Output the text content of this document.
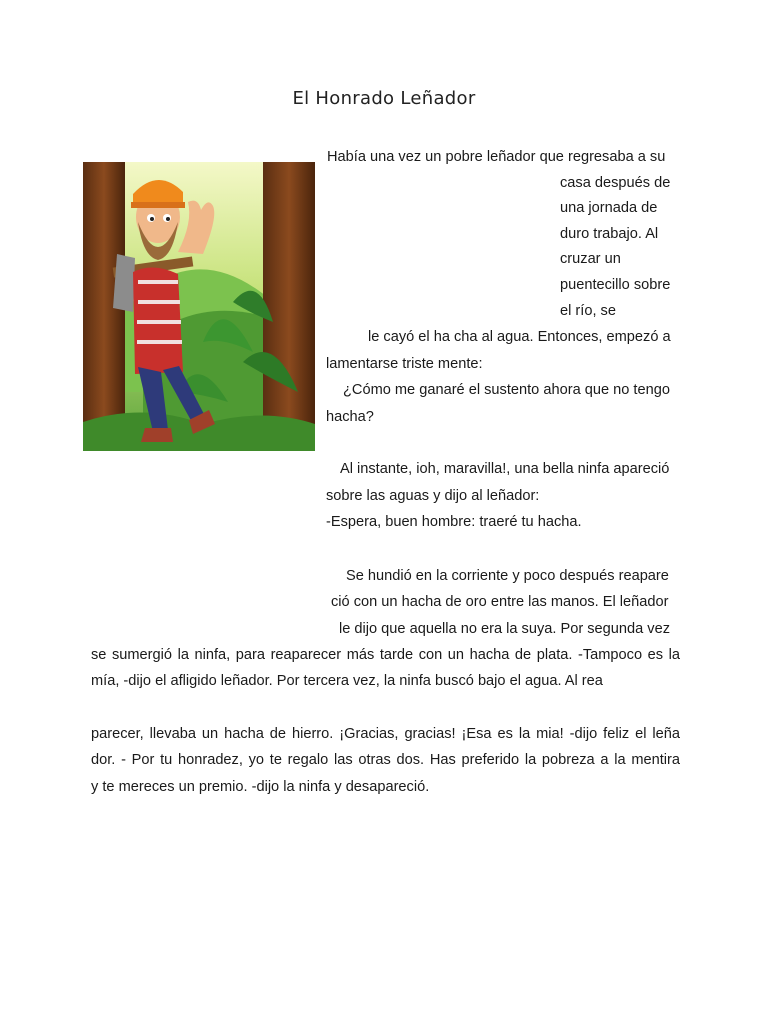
El Honrado Leñador
Había una vez un pobre leñador que regresaba a su
casa después de
una jornada de
duro trabajo. Al
cruzar un
puentecillo sobre
el río, se
le cayó el ha cha al agua. Entonces, empezó a
lamentarse triste mente:
¿Cómo me ganaré el sustento ahora que no tengo
hacha?
Al instante, ioh, maravilla!, una bella ninfa apareció
sobre las aguas y dijo al leñador:
-Espera, buen hombre: traeré tu hacha.
Se hundió en la corriente y poco después reapare
ció con un hacha de oro entre las manos. El leñador
le dijo que aquella no era la suya. Por segunda vez
se sumergió la ninfa, para reaparecer más tarde con un hacha de plata. -Tampoco es la
mía, -dijo el afligido leñador. Por tercera vez, la ninfa buscó bajo el agua. Al rea
parecer, llevaba un hacha de hierro. ¡Gracias, gracias! ¡Esa es la mia! -dijo feliz el leña
dor. - Por tu honradez, yo te regalo las otras dos. Has preferido la pobreza a la mentira
y te mereces un premio. -dijo la ninfa y desapareció.
